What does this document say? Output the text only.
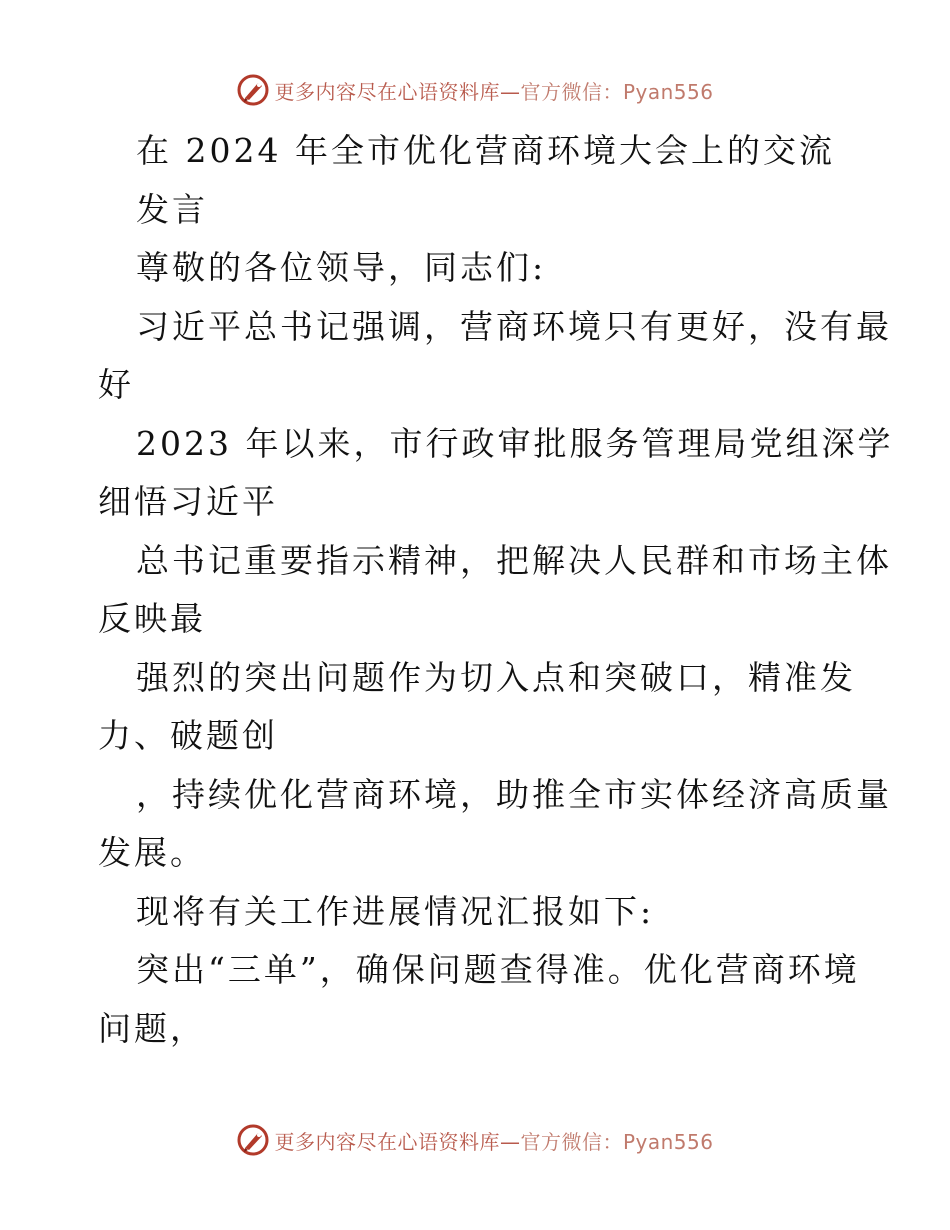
更多内容尽在心语资料库—官方微信：Pyan556
在 2024 年全市优化营商环境大会上的交流
发言
尊敬的各位领导，同志们:
习近平总书记强调，营商环境只有更好，没有最
好
2023 年以来，市行政审批服务管理局党组深学
细悟习近平
总书记重要指示精神，把解决人民群和市场主体
反映最
强烈的突出问题作为切入点和突破口，精准发
力、破题创
，持续优化营商环境，助推全市实体经济高质量
发展。
现将有关工作进展情况汇报如下:
突出“三单”，确保问题查得准。优化营商环境
问题，
更多内容尽在心语资料库—官方微信：Pyan556
